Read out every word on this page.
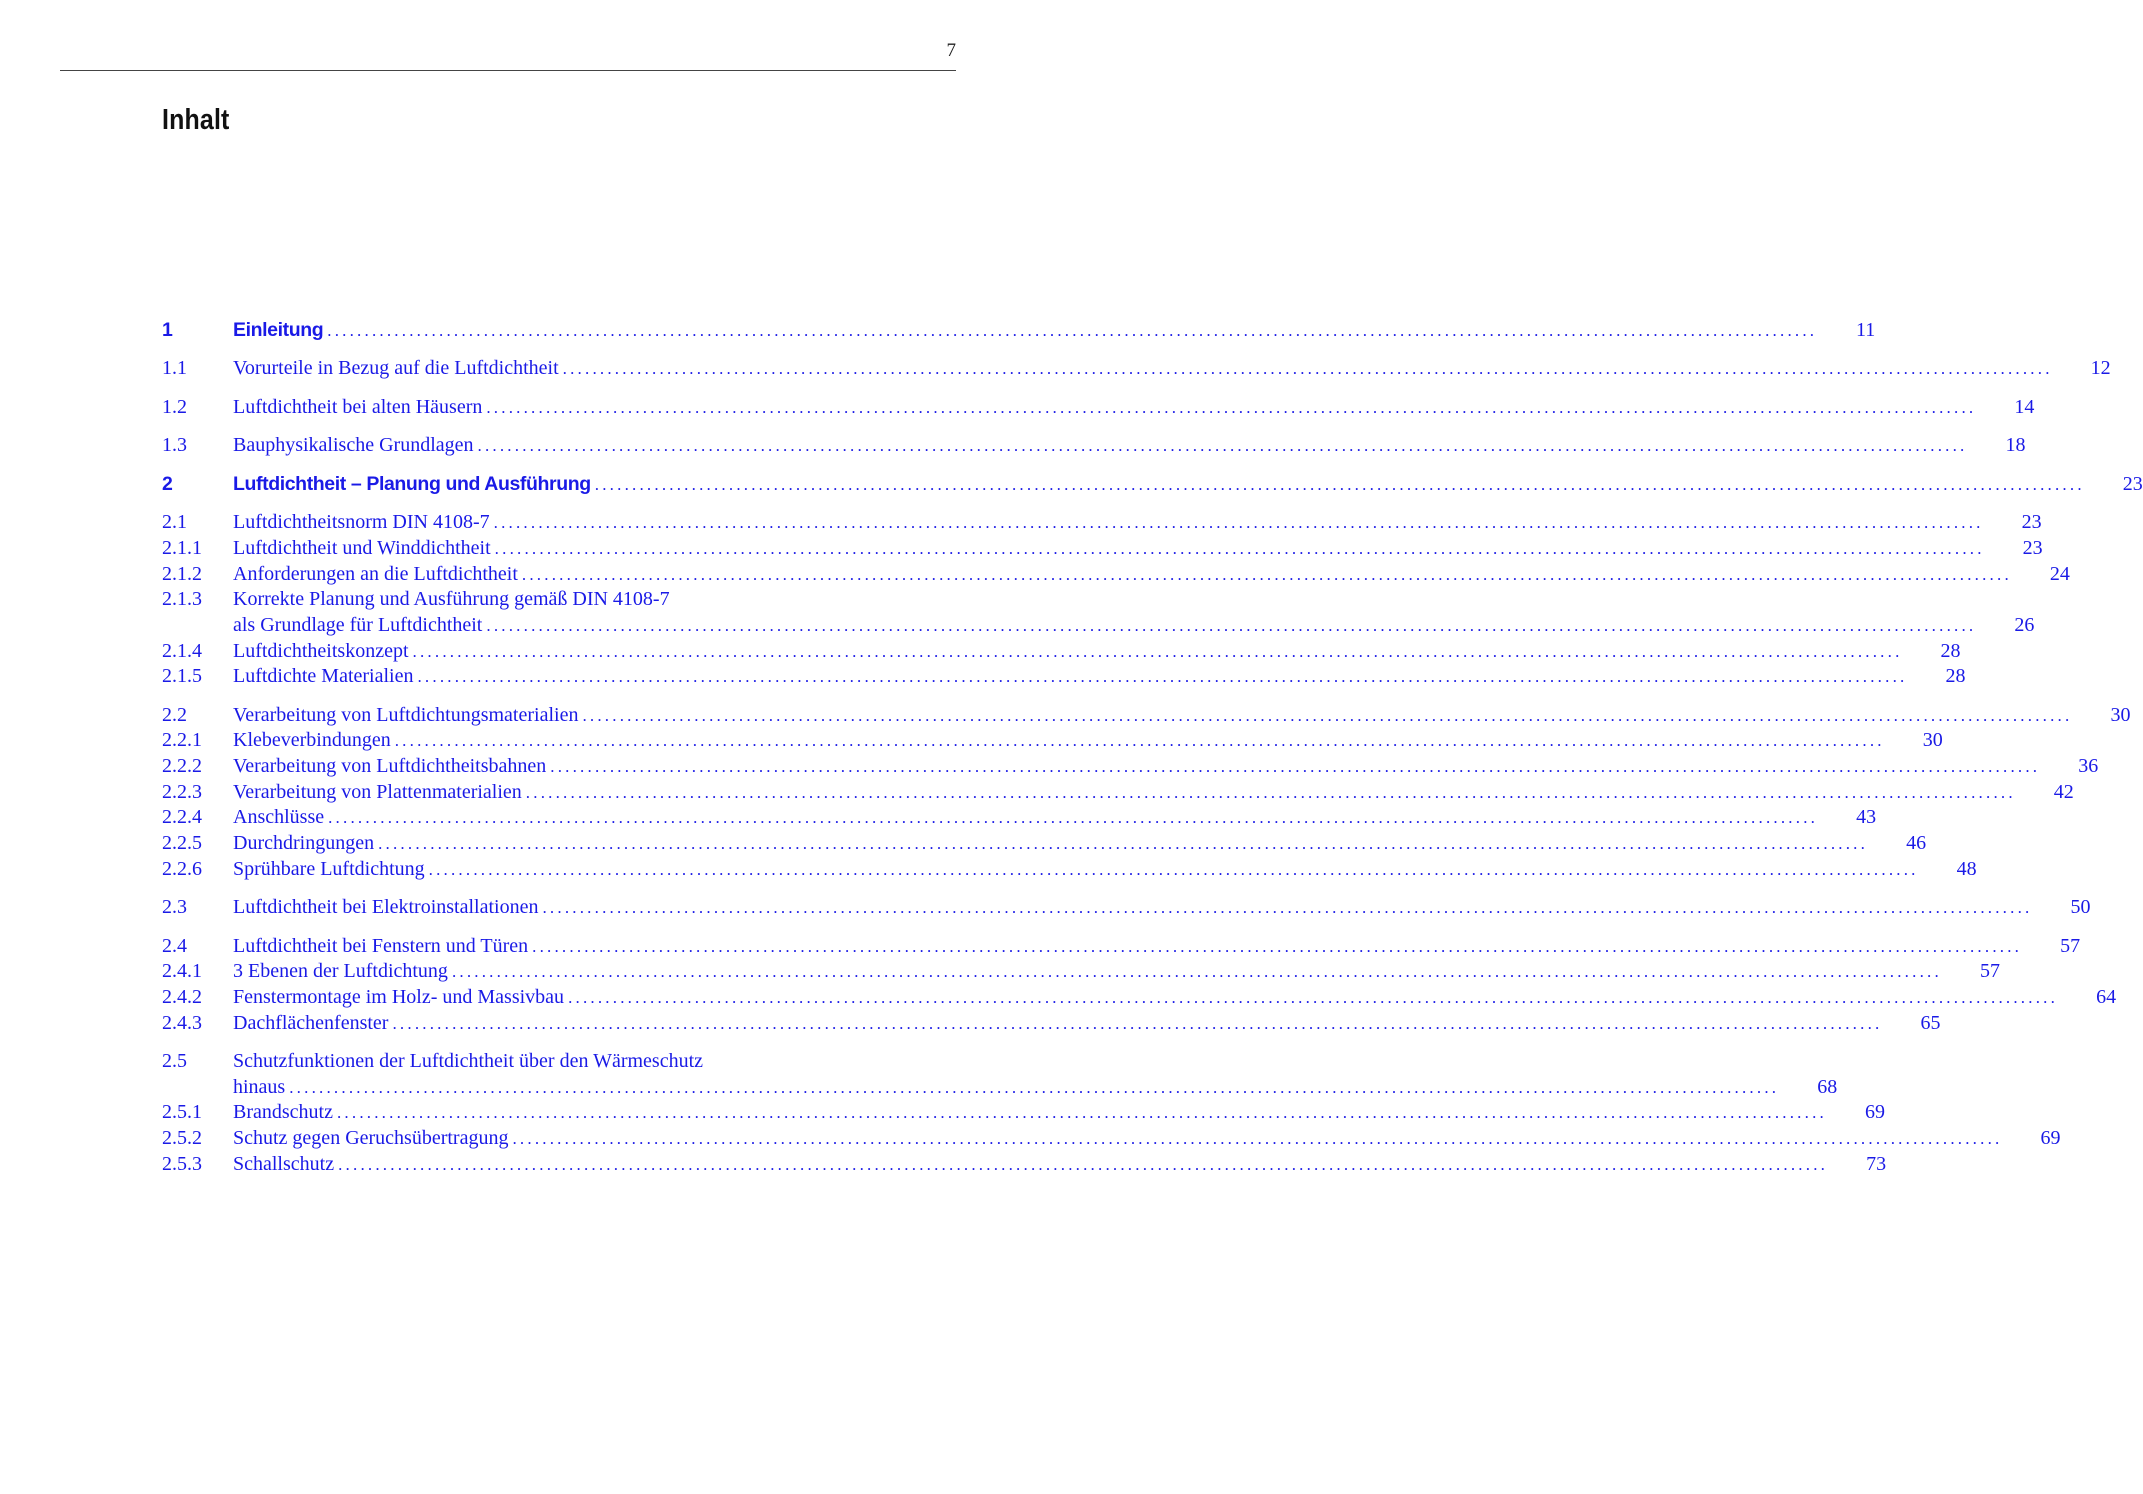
7
Inhalt
1	Einleitung ........................................................................................................................................................................................................	11
1.1	Vorurteile in Bezug auf die Luftdichtheit ........................................................................................................................................................................................................	12
1.2	Luftdichtheit bei alten Häusern ........................................................................................................................................................................................................	14
1.3	Bauphysikalische Grundlagen ........................................................................................................................................................................................................	18
2	Luftdichtheit – Planung und Ausführung ........................................................................................................................................................................................................	23
2.1	Luftdichtheitsnorm DIN 4108-7 ........................................................................................................................................................................................................	23
2.1.1	Luftdichtheit und Winddichtheit ........................................................................................................................................................................................................	23
2.1.2	Anforderungen an die Luftdichtheit ........................................................................................................................................................................................................	24
2.1.3	Korrekte Planung und Ausführung gemäß DIN 4108-7
als Grundlage für Luftdichtheit ........................................................................................................................................................................................................	26
2.1.4	Luftdichtheitskonzept ........................................................................................................................................................................................................	28
2.1.5	Luftdichte Materialien ........................................................................................................................................................................................................	28
2.2	Verarbeitung von Luftdichtungsmaterialien ........................................................................................................................................................................................................	30
2.2.1	Klebeverbindungen ........................................................................................................................................................................................................	30
2.2.2	Verarbeitung von Luftdichtheitsbahnen ........................................................................................................................................................................................................	36
2.2.3	Verarbeitung von Plattenmaterialien ........................................................................................................................................................................................................	42
2.2.4	Anschlüsse ........................................................................................................................................................................................................	43
2.2.5	Durchdringungen ........................................................................................................................................................................................................	46
2.2.6	Sprühbare Luftdichtung ........................................................................................................................................................................................................	48
2.3	Luftdichtheit bei Elektroinstallationen ........................................................................................................................................................................................................	50
2.4	Luftdichtheit bei Fenstern und Türen ........................................................................................................................................................................................................	57
2.4.1	3 Ebenen der Luftdichtung ........................................................................................................................................................................................................	57
2.4.2	Fenstermontage im Holz- und Massivbau ........................................................................................................................................................................................................	64
2.4.3	Dachflächenfenster ........................................................................................................................................................................................................	65
2.5	Schutzfunktionen der Luftdichtheit über den Wärmeschutz
hinaus ........................................................................................................................................................................................................	68
2.5.1	Brandschutz ........................................................................................................................................................................................................	69
2.5.2	Schutz gegen Geruchsübertragung ........................................................................................................................................................................................................	69
2.5.3	Schallschutz ........................................................................................................................................................................................................	73
